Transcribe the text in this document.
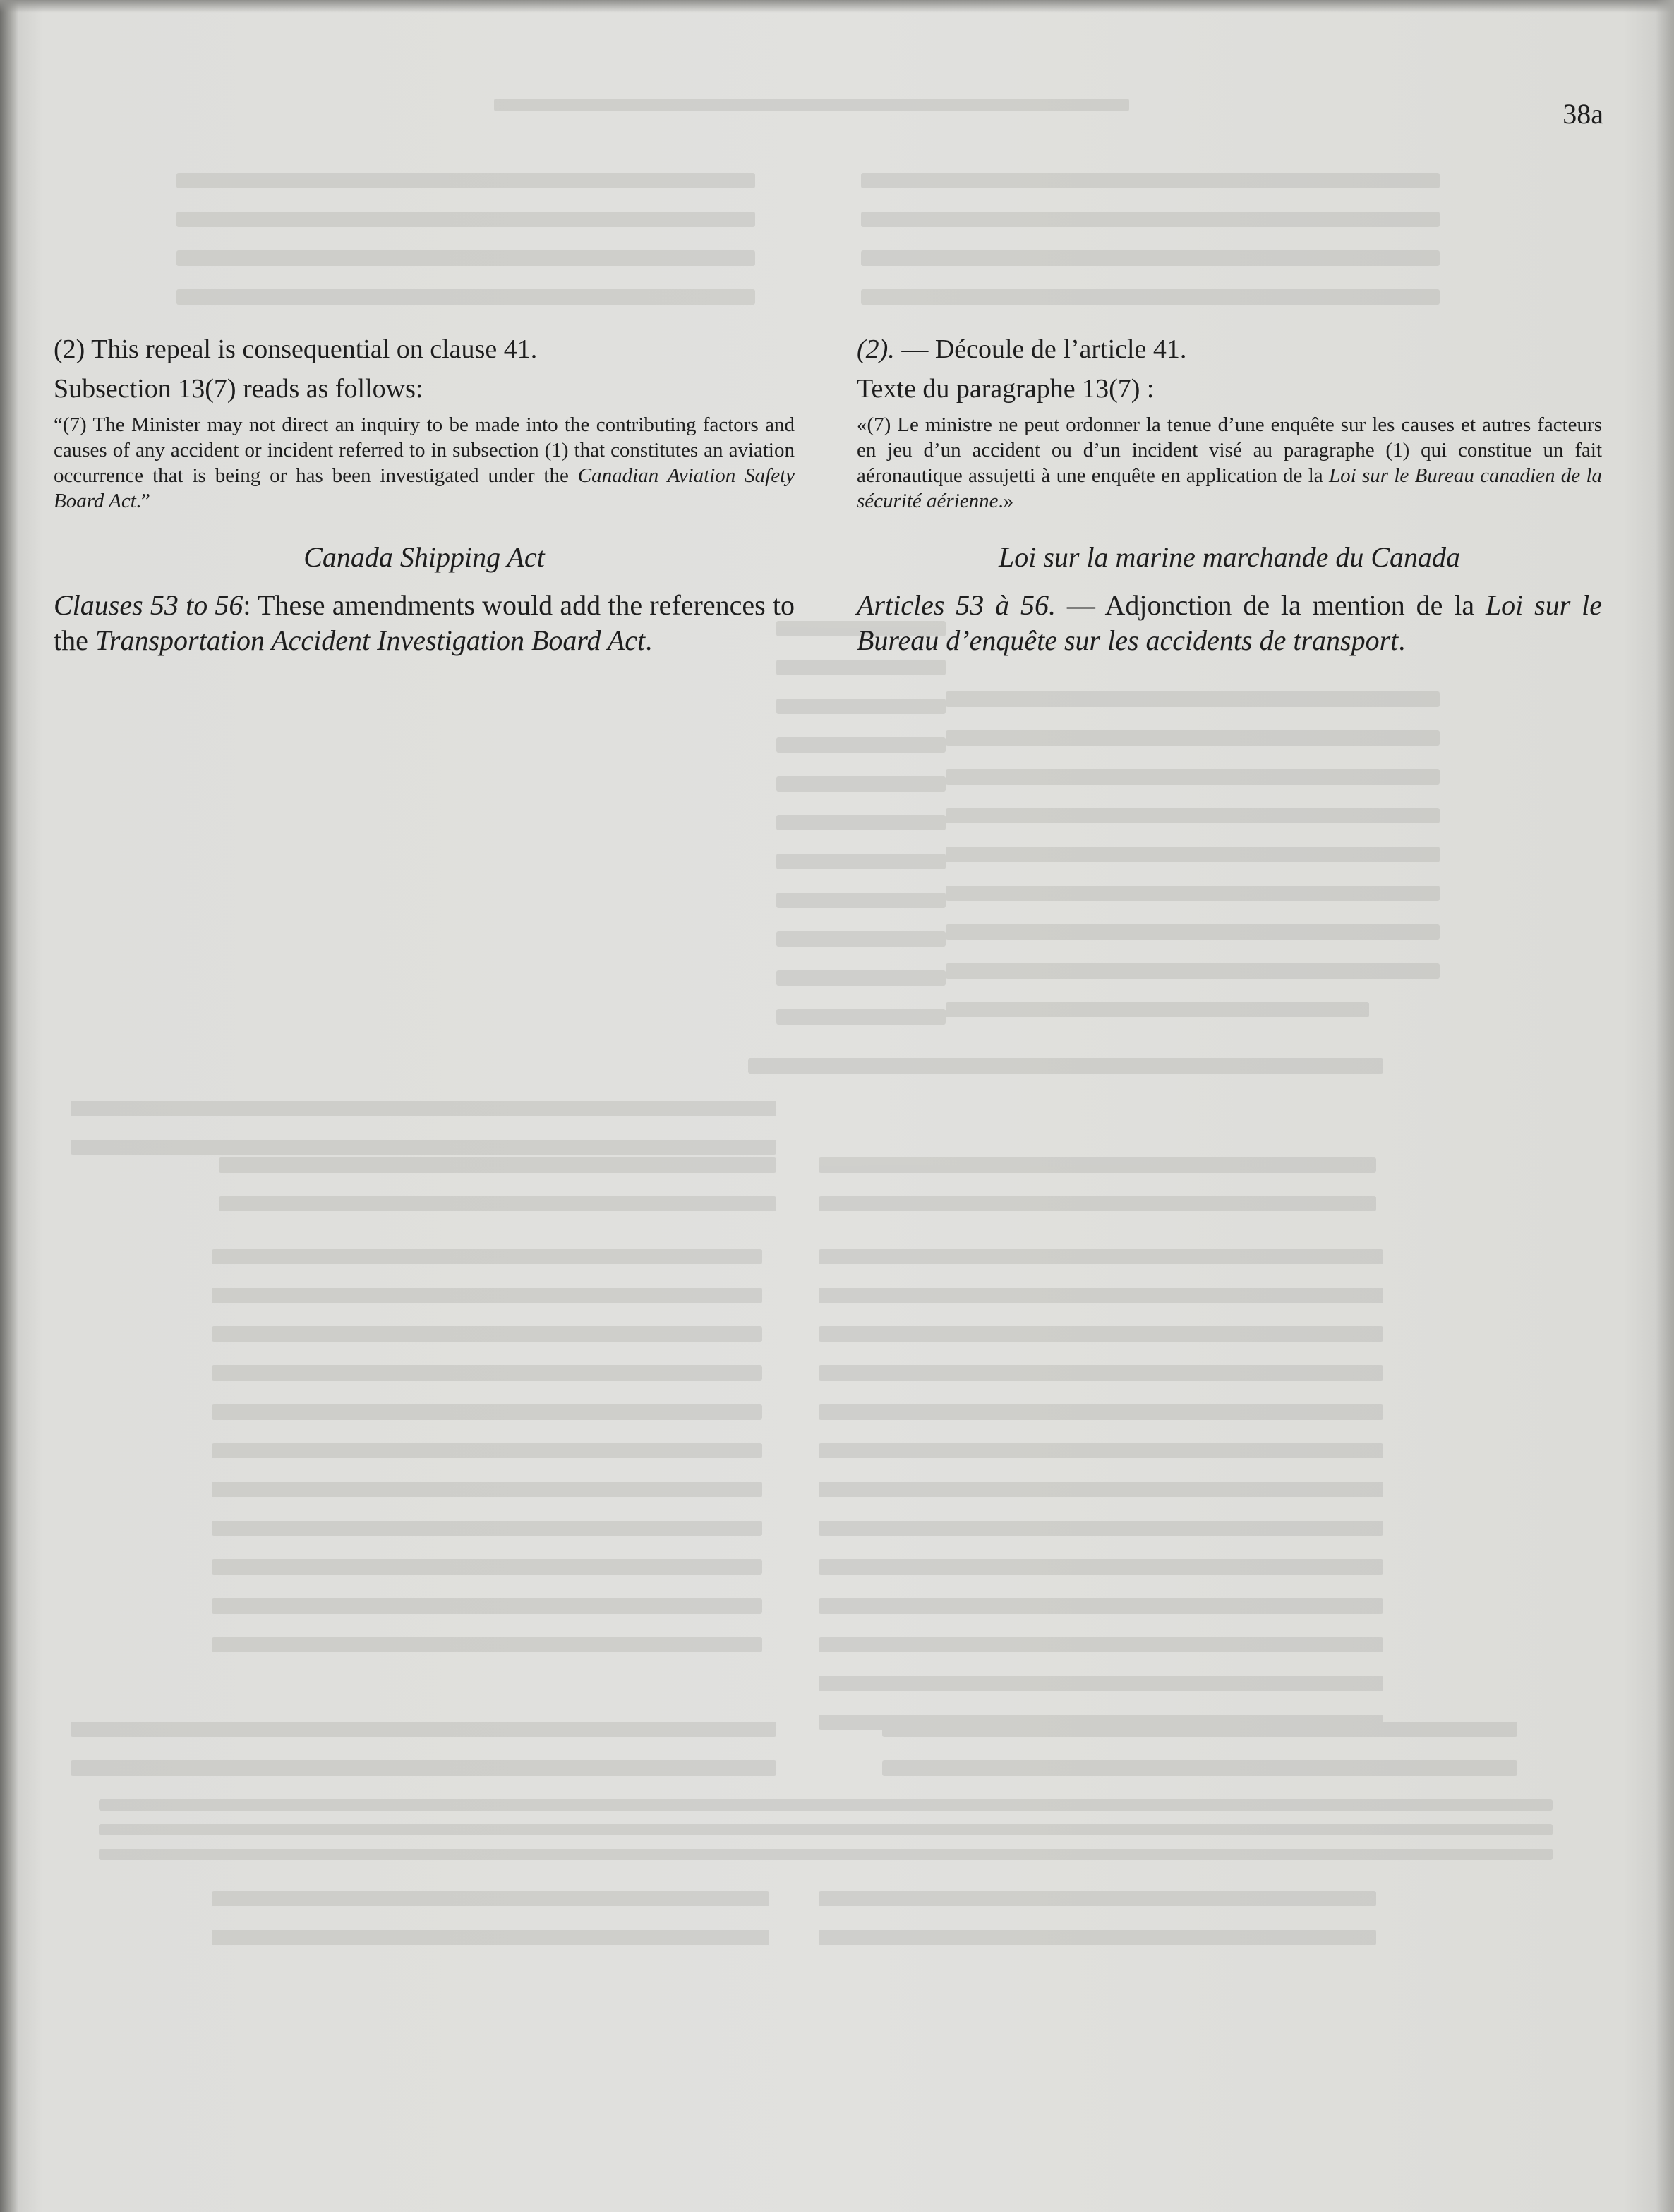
38a

(2) This repeal is consequential on clause 41.

Subsection 13(7) reads as follows:

“(7) The Minister may not direct an inquiry to be made into the contributing factors and causes of any accident or incident referred to in subsection (1) that constitutes an aviation occurrence that is being or has been investigated under the Canadian Aviation Safety Board Act.”

Canada Shipping Act

Clauses 53 to 56: These amendments would add the references to the Transportation Accident Investigation Board Act.

(2). — Découle de l’article 41.

Texte du paragraphe 13(7) :

«(7) Le ministre ne peut ordonner la tenue d’une enquête sur les causes et autres facteurs en jeu d’un accident ou d’un incident visé au paragraphe (1) qui constitue un fait aéronautique assujetti à une enquête en application de la Loi sur le Bureau canadien de la sécurité aérienne.»

Loi sur la marine marchande du Canada

Articles 53 à 56. — Adjonction de la mention de la Loi sur le Bureau d’enquête sur les accidents de transport.
